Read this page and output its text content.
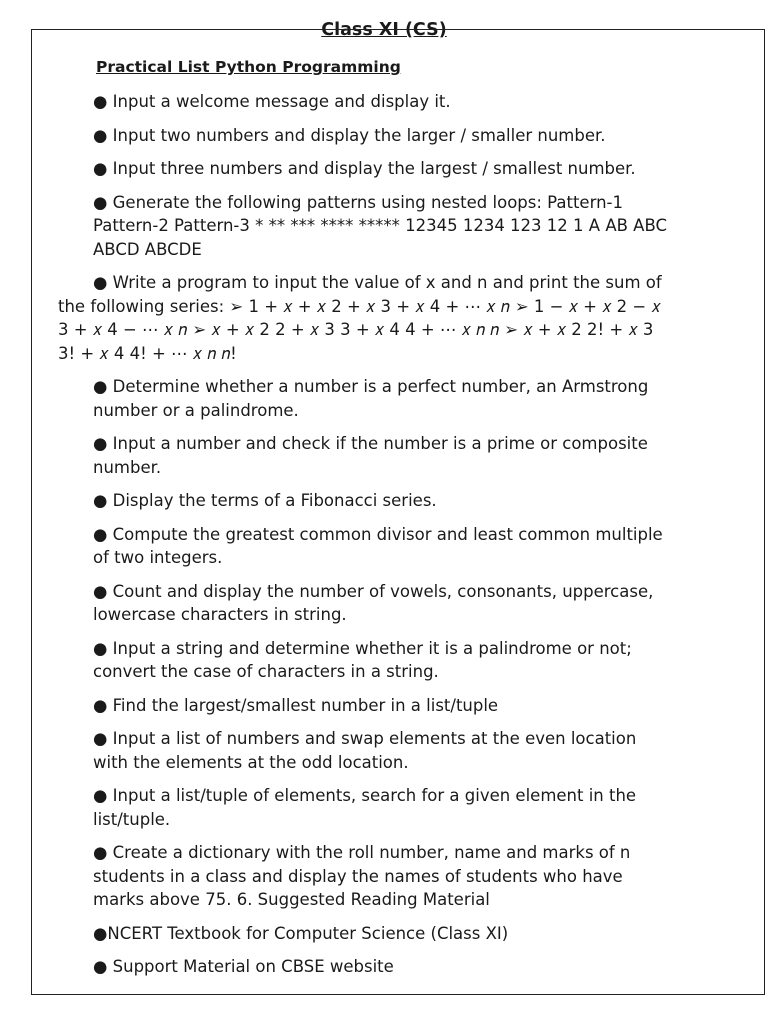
Class XI (CS)
Practical List Python Programming
● Input a welcome message and display it.
● Input two numbers and display the larger / smaller number.
● Input three numbers and display the largest / smallest number.
● Generate the following patterns using nested loops: Pattern-1 Pattern-2 Pattern-3 * ** *** **** ***** 12345 1234 123 12 1 A AB ABC ABCD ABCDE
● Write a program to input the value of x and n and print the sum of the following series: ➢ 1 + 𝑥 + 𝑥 2 + 𝑥 3 + 𝑥 4 + ⋯ 𝑥 𝑛 ➢ 1 − 𝑥 + 𝑥 2 − 𝑥 3 + 𝑥 4 − ⋯ 𝑥 𝑛 ➢ 𝑥 + 𝑥 2 2 + 𝑥 3 3 + 𝑥 4 4 + ⋯ 𝑥 𝑛 𝑛 ➢ 𝑥 + 𝑥 2 2! + 𝑥 3 3! + 𝑥 4 4! + ⋯ 𝑥 𝑛 𝑛!
● Determine whether a number is a perfect number, an Armstrong number or a palindrome.
● Input a number and check if the number is a prime or composite number.
● Display the terms of a Fibonacci series.
● Compute the greatest common divisor and least common multiple of two integers.
● Count and display the number of vowels, consonants, uppercase, lowercase characters in string.
● Input a string and determine whether it is a palindrome or not; convert the case of characters in a string.
● Find the largest/smallest number in a list/tuple
● Input a list of numbers and swap elements at the even location with the elements at the odd location.
● Input a list/tuple of elements, search for a given element in the list/tuple.
● Create a dictionary with the roll number, name and marks of n students in a class and display the names of students who have marks above 75. 6. Suggested Reading Material
●NCERT Textbook for Computer Science (Class XI)
● Support Material on CBSE website
